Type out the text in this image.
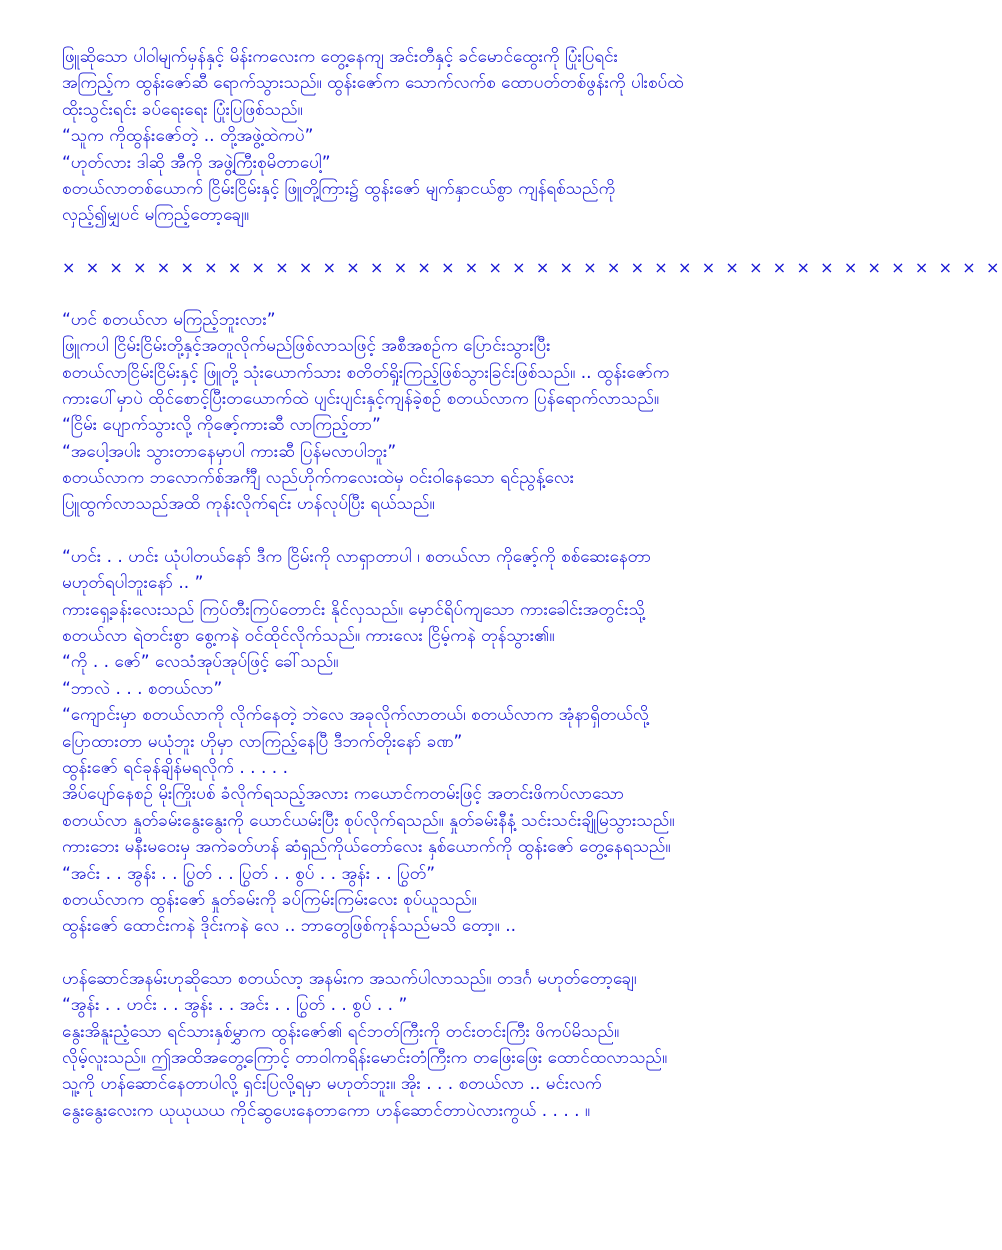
ဖြူဆိုသော ပါဝါမျက်မှန်နှင့် မိန်းကလေးက တွေ့နေကျ အင်းတီနှင့် ခင်မောင်ထွေးကို ပြုံးပြရင်း
အကြည့်က ထွန်းဇော်ဆီ ရောက်သွားသည်။ ထွန်းဇော်က သောက်လက်စ ထောပတ်တစ်ဖွန်းကို ပါးစပ်ထဲ
ထိုးသွင်းရင်း ခပ်ရေးရေး ပြုံးပြဖြစ်သည်။
“သူက ကိုထွန်းဇော်တဲ့ .. တို့အဖွဲ့ထဲကပဲ”
“ဟုတ်လား ဒါဆို အီကို အဖွဲ့ကြီးစုမိတာပေါ့”
စတယ်လာတစ်ယောက် ငြိမ်းငြိမ်းနှင့် ဖြူတို့ကြား၌ ထွန်းဇော် မျက်နှာငယ်စွာ ကျန်ရစ်သည်ကို
လှည့်၍မျှပင် မကြည့်တော့ချေ။
× × × × × × × × × × × × × × × × × × × × × × × × × × × × × × × × × × × × × × × ×
“ဟင် စတယ်လာ မကြည့်ဘူးလား”
ဖြူကပါ ငြိမ်းငြိမ်းတို့နှင့်အတူလိုက်မည်ဖြစ်လာသဖြင့် အစီအစဉ်က ပြောင်းသွားပြီး
စတယ်လာငြိမ်းငြိမ်းနှင့် ဖြူတို့ သုံးယောက်သား စတိတ်ရှိုးကြည့်ဖြစ်သွားခြင်းဖြစ်သည်။ .. ထွန်းဇော်က
ကားပေါ်မှာပဲ ထိုင်စောင့်ပြီးတယောက်ထဲ ပျင်းပျင်းနှင့်ကျန်ခဲ့စဉ် စတယ်လာက ပြန်ရောက်လာသည်။
“ငြိမ်း ပျောက်သွားလို့ ကိုဇော့်ကားဆီ လာကြည့်တာ”
“အပေါ့အပါး သွားတာနေမှာပါ ကားဆီ ပြန်မလာပါဘူး”
စတယ်လာက ဘလောက်စ်အင်္ကျီ လည်ဟိုက်ကလေးထဲမှ ဝင်းဝါနေသော ရင်ညွန့်လေး
ပြူထွက်လာသည်အထိ ကုန်းလိုက်ရင်း ဟန်လုပ်ပြီး ရယ်သည်။
“ဟင်း . . ဟင်း ယုံပါတယ်နော် ဒီက ငြိမ်းကို လာရှာတာပါ ၊ စတယ်လာ ကိုဇော့်ကို စစ်ဆေးနေတာ
မဟုတ်ရပါဘူးနော် .. ”
ကားရှေ့ခန်းလေးသည် ကြပ်တီးကြပ်တောင်း နိုင်လှသည်။ မှောင်ရိပ်ကျသော ကားခေါင်းအတွင်းသို့
စတယ်လာ ရဲတင်းစွာ စွေ့ကနဲ ဝင်ထိုင်လိုက်သည်။ ကားလေး ငြိမ့်ကနဲ တုန်သွား၏။
“ကို . . ဇော်” လေသံအုပ်အုပ်ဖြင့် ခေါ်သည်။
“ဘာလဲ . . . စတယ်လာ”
“ကျောင်းမှာ စတယ်လာကို လိုက်နေတဲ့ ဘဲလေ အခုလိုက်လာတယ်၊ စတယ်လာက အုံနာရှိတယ်လို့
ပြောထားတာ မယုံဘူး ဟိုမှာ လာကြည့်နေပြီ ဒီဘက်တိုးနော် ခဏ”
ထွန်းဇော် ရင်ခုန်ချိန်မရလိုက် . . . . .
အိပ်ပျော်နေစဉ် မိုးကြိုးပစ် ခံလိုက်ရသည့်အလား ကယောင်ကတမ်းဖြင့် အတင်းဖိကပ်လာသော
စတယ်လာ နှုတ်ခမ်းနွေးနွေးကို ယောင်ယမ်းပြီး စုပ်လိုက်ရသည်။ နှုတ်ခမ်းနီနံ့ သင်းသင်းချိုမြသွားသည်။
ကားဘေး မနီးမဝေးမှ အကဲခတ်ဟန် ဆံရှည်ကိုယ်တော်လေး နှစ်ယောက်ကို ထွန်းဇော် တွေ့နေရသည်။
“အင်း . . အွန်း . . ပြွတ် . . ပြွတ် . . စွပ် . . အွန်း . . ပြွတ်”
စတယ်လာက ထွန်းဇော် နှုတ်ခမ်းကို ခပ်ကြမ်းကြမ်းလေး စုပ်ယူသည်။
ထွန်းဇော် ထောင်းကနဲ ဒိုင်းကနဲ လေ .. ဘာတွေဖြစ်ကုန်သည်မသိ တော့။ ..
ဟန်ဆောင်အနမ်းဟုဆိုသော စတယ်လာ့ အနမ်းက အသက်ပါလာသည်။ တဒင်္ဂ မဟုတ်တော့ချေ၊
“အွန်း . . ဟင်း . . အွန်း . . အင်း . . ပြွတ် . . စွပ် . . ”
နွေးအိနူးညံ့သော ရင်သားနှစ်မွှာက ထွန်းဇော်၏ ရင်ဘတ်ကြီးကို တင်းတင်းကြီး ဖိကပ်မိသည်။
လိုမ့်လူးသည်။ ဤအထိအတွေ့ကြောင့် တာဝါကရိန်းမောင်းတံကြီးက တဖြေးဖြေး ထောင်ထလာသည်။
သူ့ကို ဟန်ဆောင်နေတာပါလို့ ရှင်းပြလို့ရမှာ မဟုတ်ဘူး။ အိုး . . . စတယ်လာ .. မင်းလက်
နွေးနွေးလေးက ယုယုယယ ကိုင်ဆွပေးနေတာကော ဟန်ဆောင်တာပဲလားကွယ် . . . . ။
